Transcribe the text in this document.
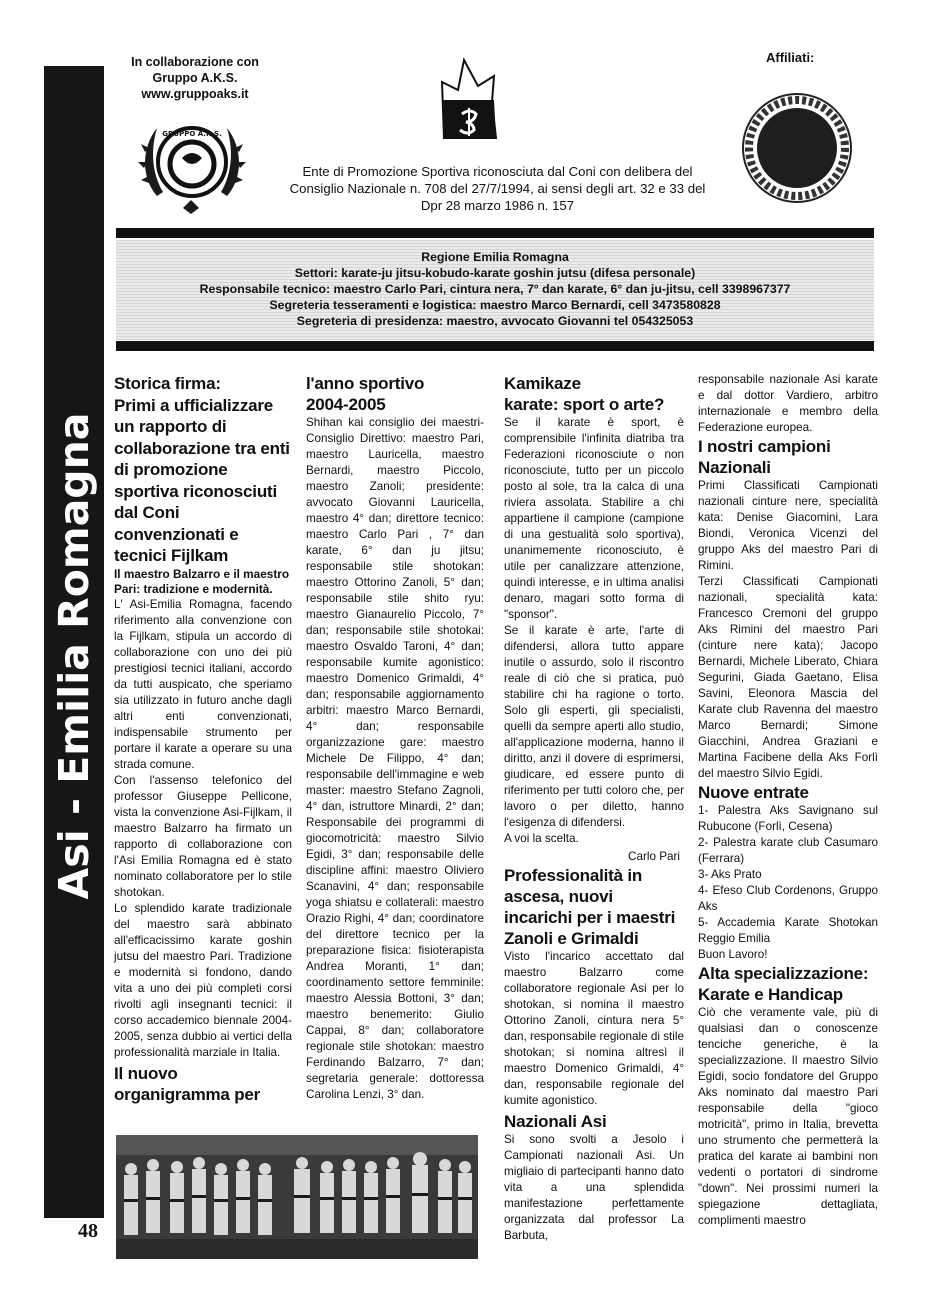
Asi - Emilia Romagna
In collaborazione con
Gruppo A.K.S.
www.gruppoaks.it
GRUPPO A.K.S.
Affiliati:
Ente di Promozione Sportiva riconosciuta dal Coni con delibera del
Consiglio Nazionale n. 708 del 27/7/1994, ai sensi degli art. 32 e 33 del
Dpr 28 marzo 1986 n. 157

Regione Emilia Romagna

Settori: karate-ju jitsu-kobudo-karate goshin jutsu (difesa personale)

Responsabile tecnico: maestro Carlo Pari, cintura nera, 7° dan karate, 6° dan ju-jitsu, cell 3398967377

Segreteria tesseramenti e logistica: maestro Marco Bernardi, cell 3473580828

Segreteria di presidenza: maestro, avvocato Giovanni tel 054325053

Storica firma:
Primi a ufficializzare
un rapporto di
collaborazione tra enti
di promozione
sportiva riconosciuti
dal Coni
convenzionati e
tecnici Fijlkam

Il maestro Balzarro e il maestro Pari: tradizione e modernità.

L' Asi-Emilia Romagna, facendo riferimento alla convenzione con la Fijlkam, stipula un accordo di collaborazione con uno dei più prestigiosi tecnici italiani, accordo da tutti auspicato, che speriamo sia utilizzato in futuro anche dagli altri enti convenzionati, indispensabile strumento per portare il karate a operare su una strada comune.

Con l'assenso telefonico del professor Giuseppe Pellicone, vista la convenzione Asi-Fijlkam, il maestro Balzarro ha firmato un rapporto di collaborazione con l'Asi Emilia Romagna ed è stato nominato collaboratore per lo stile shotokan.

Lo splendido karate tradizionale del maestro sarà abbinato all'efficacissimo karate goshin jutsu del maestro Pari. Tradizione e modernità si fondono, dando vita a uno dei più completi corsi rivolti agli insegnanti tecnici: il corso accademico biennale 2004-2005, senza dubbio ai vertici della professionalità marziale in Italia.

Il nuovo
organigramma per
l'anno sportivo
2004-2005

Shihan kai consiglio dei maestri-Consiglio Direttivo: maestro Pari, maestro Lauricella, maestro Bernardi, maestro Piccolo, maestro Zanoli; presidente: avvocato Giovanni Lauricella, maestro 4° dan; direttore tecnico: maestro Carlo Pari , 7° dan karate, 6° dan ju jitsu; responsabile stile shotokan: maestro Ottorino Zanoli, 5° dan; responsabile stile shito ryu: maestro Gianaurelio Piccolo, 7° dan; responsabile stile shotokai: maestro Osvaldo Taroni, 4° dan; responsabile kumite agonistico: maestro Domenico Grimaldi, 4° dan; responsabile aggiornamento arbitri: maestro Marco Bernardi, 4° dan; responsabile organizzazione gare: maestro Michele De Filippo, 4° dan; responsabile dell'immagine e web master: maestro Stefano Zagnoli, 4° dan, istruttore Minardi, 2° dan; Responsabile dei programmi di giocomotricità: maestro Silvio Egidi, 3° dan; responsabile delle discipline affini: maestro Oliviero Scanavini, 4° dan; responsabile yoga shiatsu e collaterali: maestro Orazio Righi, 4° dan; coordinatore del direttore tecnico per la preparazione fisica: fisioterapista Andrea Moranti, 1° dan; coordinamento settore femminile: maestro Alessia Bottoni, 3° dan; maestro benemerito: Giulio Cappai, 8° dan; collaboratore regionale stile shotokan: maestro Ferdinando Balzarro, 7° dan; segretaria generale: dottoressa Carolina Lenzi, 3° dan.

Kamikaze
karate: sport o arte?

Se il karate è sport, è comprensibile l'infinita diatriba tra Federazioni riconosciute o non riconosciute, tutto per un piccolo posto al sole, tra la calca di una riviera assolata. Stabilire a chi appartiene il campione (campione di una gestualità solo sportiva), unanimemente riconosciuto, è utile per canalizzare attenzione, quindi interesse, e in ultima analisi denaro, magari sotto forma di "sponsor".

Se il karate è arte, l'arte di difendersi, allora tutto appare inutile o assurdo, solo il riscontro reale di ciò che si pratica, può stabilire chi ha ragione o torto. Solo gli esperti, gli specialisti, quelli da sempre aperti allo studio, all'applicazione moderna, hanno il diritto, anzi il dovere di esprimersi, giudicare, ed essere punto di riferimento per tutti coloro che, per lavoro o per diletto, hanno l'esigenza di difendersi.

A voi la scelta.

Carlo Pari

Professionalità in
ascesa, nuovi
incarichi per i maestri
Zanoli e Grimaldi

Visto l'incarico accettato dal maestro Balzarro come collaboratore regionale Asi per lo shotokan, si nomina il maestro Ottorino Zanoli, cintura nera 5° dan, responsabile regionale di stile shotokan; si nomina altresì il maestro Domenico Grimaldi, 4° dan, responsabile regionale del kumite agonistico.

Nazionali Asi

Si sono svolti a Jesolo i Campionati nazionali Asi. Un migliaio di partecipanti hanno dato vita a una splendida manifestazione perfettamente organizzata dal professor La Barbuta,

responsabile nazionale Asi karate e dal dottor Vardiero, arbitro internazionale e membro della Federazione europea.

I nostri campioni
Nazionali

Primi Classificati Campionati nazionali cinture nere, specialità kata: Denise Giacomini, Lara Biondi, Veronica Vicenzi del gruppo Aks del maestro Pari di Rimini.

Terzi Classificati Campionati nazionali, specialità kata: Francesco Cremoni del gruppo Aks Rimini del maestro Pari (cinture nere kata); Jacopo Bernardi, Michele Liberato, Chiara Segurini, Giada Gaetano, Elisa Savini, Eleonora Mascia del Karate club Ravenna del maestro Marco Bernardi; Simone Giacchini, Andrea Graziani e Martina Facibene della Aks Forlì del maestro Silvio Egidi.

Nuove entrate

1- Palestra Aks Savignano sul Rubucone (Forlì, Cesena)

2- Palestra karate club Casumaro (Ferrara)

3- Aks Prato

4- Efeso Club Cordenons, Gruppo Aks

5- Accademia Karate Shotokan Reggio Emilia

Buon Lavoro!

Alta specializzazione:
Karate e Handicap

Ciò che veramente vale, più di qualsiasi dan o conoscenze tenciche generiche, è la specializzazione. Il maestro Silvio Egidi, socio fondatore del Gruppo Aks nominato dal maestro Pari responsabile della "gioco motricità", primo in Italia, brevetta uno strumento che permetterà la pratica del karate ai bambini non vedenti o portatori di sindrome "down". Nei prossimi numeri la spiegazione dettagliata, complimenti maestro

48
